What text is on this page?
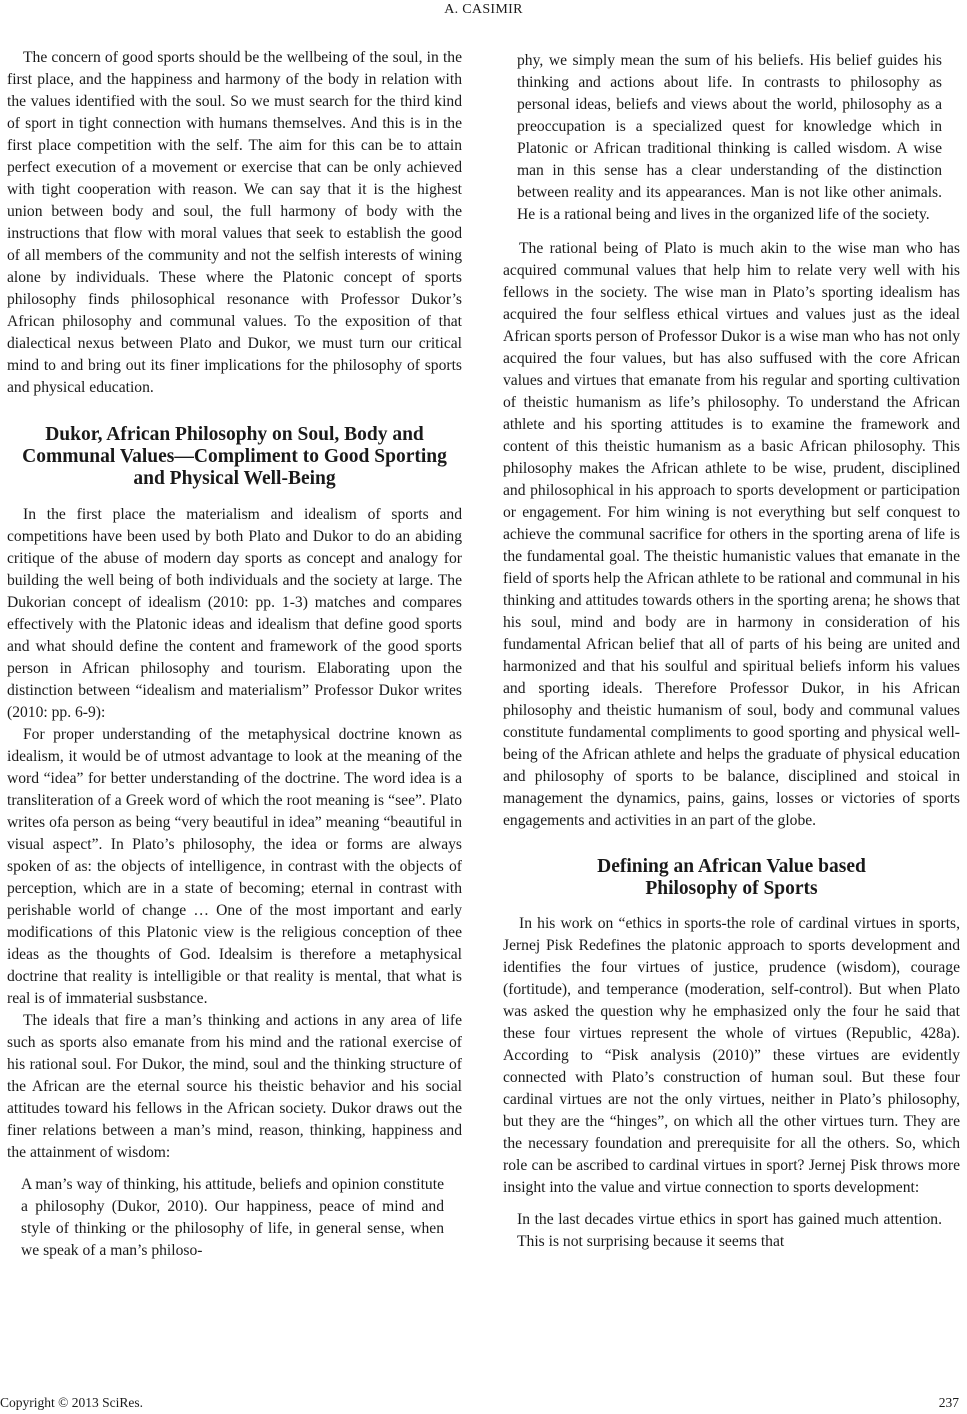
A. CASIMIR

The concern of good sports should be the wellbeing of the soul, in the first place, and the happiness and harmony of the body in relation with the values identified with the soul. So we must search for the third kind of sport in tight connection with humans themselves. And this is in the first place competition with the self. The aim for this can be to attain perfect execution of a movement or exercise that can be only achieved with tight cooperation with reason. We can say that it is the highest union between body and soul, the full harmony of body with the instructions that flow with moral values that seek to establish the good of all members of the community and not the selfish interests of wining alone by individuals. These where the Platonic concept of sports philosophy finds philosophical resonance with Professor Dukor’s African philosophy and communal values. To the exposition of that dialectical nexus between Plato and Dukor, we must turn our critical mind to and bring out its finer implications for the philosophy of sports and physical education.

Dukor, African Philosophy on Soul, Body and Communal Values—Compliment to Good Sporting and Physical Well-Being

In the first place the materialism and idealism of sports and competitions have been used by both Plato and Dukor to do an abiding critique of the abuse of modern day sports as concept and analogy for building the well being of both individuals and the society at large. The Dukorian concept of idealism (2010: pp. 1-3) matches and compares effectively with the Platonic ideas and idealism that define good sports and what should define the content and framework of the good sports person in African philosophy and tourism. Elaborating upon the distinction between “idealism and materialism” Professor Dukor writes (2010: pp. 6-9):

For proper understanding of the metaphysical doctrine known as idealism, it would be of utmost advantage to look at the meaning of the word “idea” for better understanding of the doctrine. The word idea is a transliteration of a Greek word of which the root meaning is “see”. Plato writes ofa person as being “very beautiful in idea” meaning “beautiful in visual aspect”. In Plato’s philosophy, the idea or forms are always spoken of as: the objects of intelligence, in contrast with the objects of perception, which are in a state of becoming; eternal in contrast with perishable world of change … One of the most important and early modifications of this Platonic view is the religious conception of thee ideas as the thoughts of God. Idealsim is therefore a metaphysical doctrine that reality is intelligible or that reality is mental, that what is real is of immaterial susbstance.

The ideals that fire a man’s thinking and actions in any area of life such as sports also emanate from his mind and the rational exercise of his rational soul. For Dukor, the mind, soul and the thinking structure of the African are the eternal source his theistic behavior and his social attitudes toward his fellows in the African society. Dukor draws out the finer relations between a man’s mind, reason, thinking, happiness and the attainment of wisdom:

A man’s way of thinking, his attitude, beliefs and opinion constitute a philosophy (Dukor, 2010). Our happiness, peace of mind and style of thinking or the philosophy of life, in general sense, when we speak of a man’s philoso-

phy, we simply mean the sum of his beliefs. His belief guides his thinking and actions about life. In contrasts to philosophy as personal ideas, beliefs and views about the world, philosophy as a preoccupation is a specialized quest for knowledge which in Platonic or African traditional thinking is called wisdom. A wise man in this sense has a clear understanding of the distinction between reality and its appearances. Man is not like other animals. He is a rational being and lives in the organized life of the society.

The rational being of Plato is much akin to the wise man who has acquired communal values that help him to relate very well with his fellows in the society. The wise man in Plato’s sporting idealism has acquired the four selfless ethical virtues and values just as the ideal African sports person of Professor Dukor is a wise man who has not only acquired the four values, but has also suffused with the core African values and virtues that emanate from his regular and sporting cultivation of theistic humanism as life’s philosophy. To understand the African athlete and his sporting attitudes is to examine the framework and content of this theistic humanism as a basic African philosophy. This philosophy makes the African athlete to be wise, prudent, disciplined and philosophical in his approach to sports development or participation or engagement. For him wining is not everything but self conquest to achieve the communal sacrifice for others in the sporting arena of life is the fundamental goal. The theistic humanistic values that emanate in the field of sports help the African athlete to be rational and communal in his thinking and attitudes towards others in the sporting arena; he shows that his soul, mind and body are in harmony in consideration of his fundamental African belief that all of parts of his being are united and harmonized and that his soulful and spiritual beliefs inform his values and sporting ideals. Therefore Professor Dukor, in his African philosophy and theistic humanism of soul, body and communal values constitute fundamental compliments to good sporting and physical well- being of the African athlete and helps the graduate of physical education and philosophy of sports to be balance, disciplined and stoical in management the dynamics, pains, gains, losses or victories of sports engagements and activities in an part of the globe.

Defining an African Value based Philosophy of Sports

In his work on “ethics in sports-the role of cardinal virtues in sports, Jernej Pisk Redefines the platonic approach to sports development and identifies the four virtues of justice, prudence (wisdom), courage (fortitude), and temperance (moderation, self-control). But when Plato was asked the question why he emphasized only the four he said that these four virtues represent the whole of virtues (Republic, 428a). According to “Pisk analysis (2010)” these virtues are evidently connected with Plato’s construction of human soul. But these four cardinal virtues are not the only virtues, neither in Plato’s philosophy, but they are the “hinges”, on which all the other virtues turn. They are the necessary foundation and prerequisite for all the others. So, which role can be ascribed to cardinal virtues in sport? Jernej Pisk throws more insight into the value and virtue connection to sports development:

In the last decades virtue ethics in sport has gained much attention. This is not surprising because it seems that

Copyright © 2013 SciRes.	237
